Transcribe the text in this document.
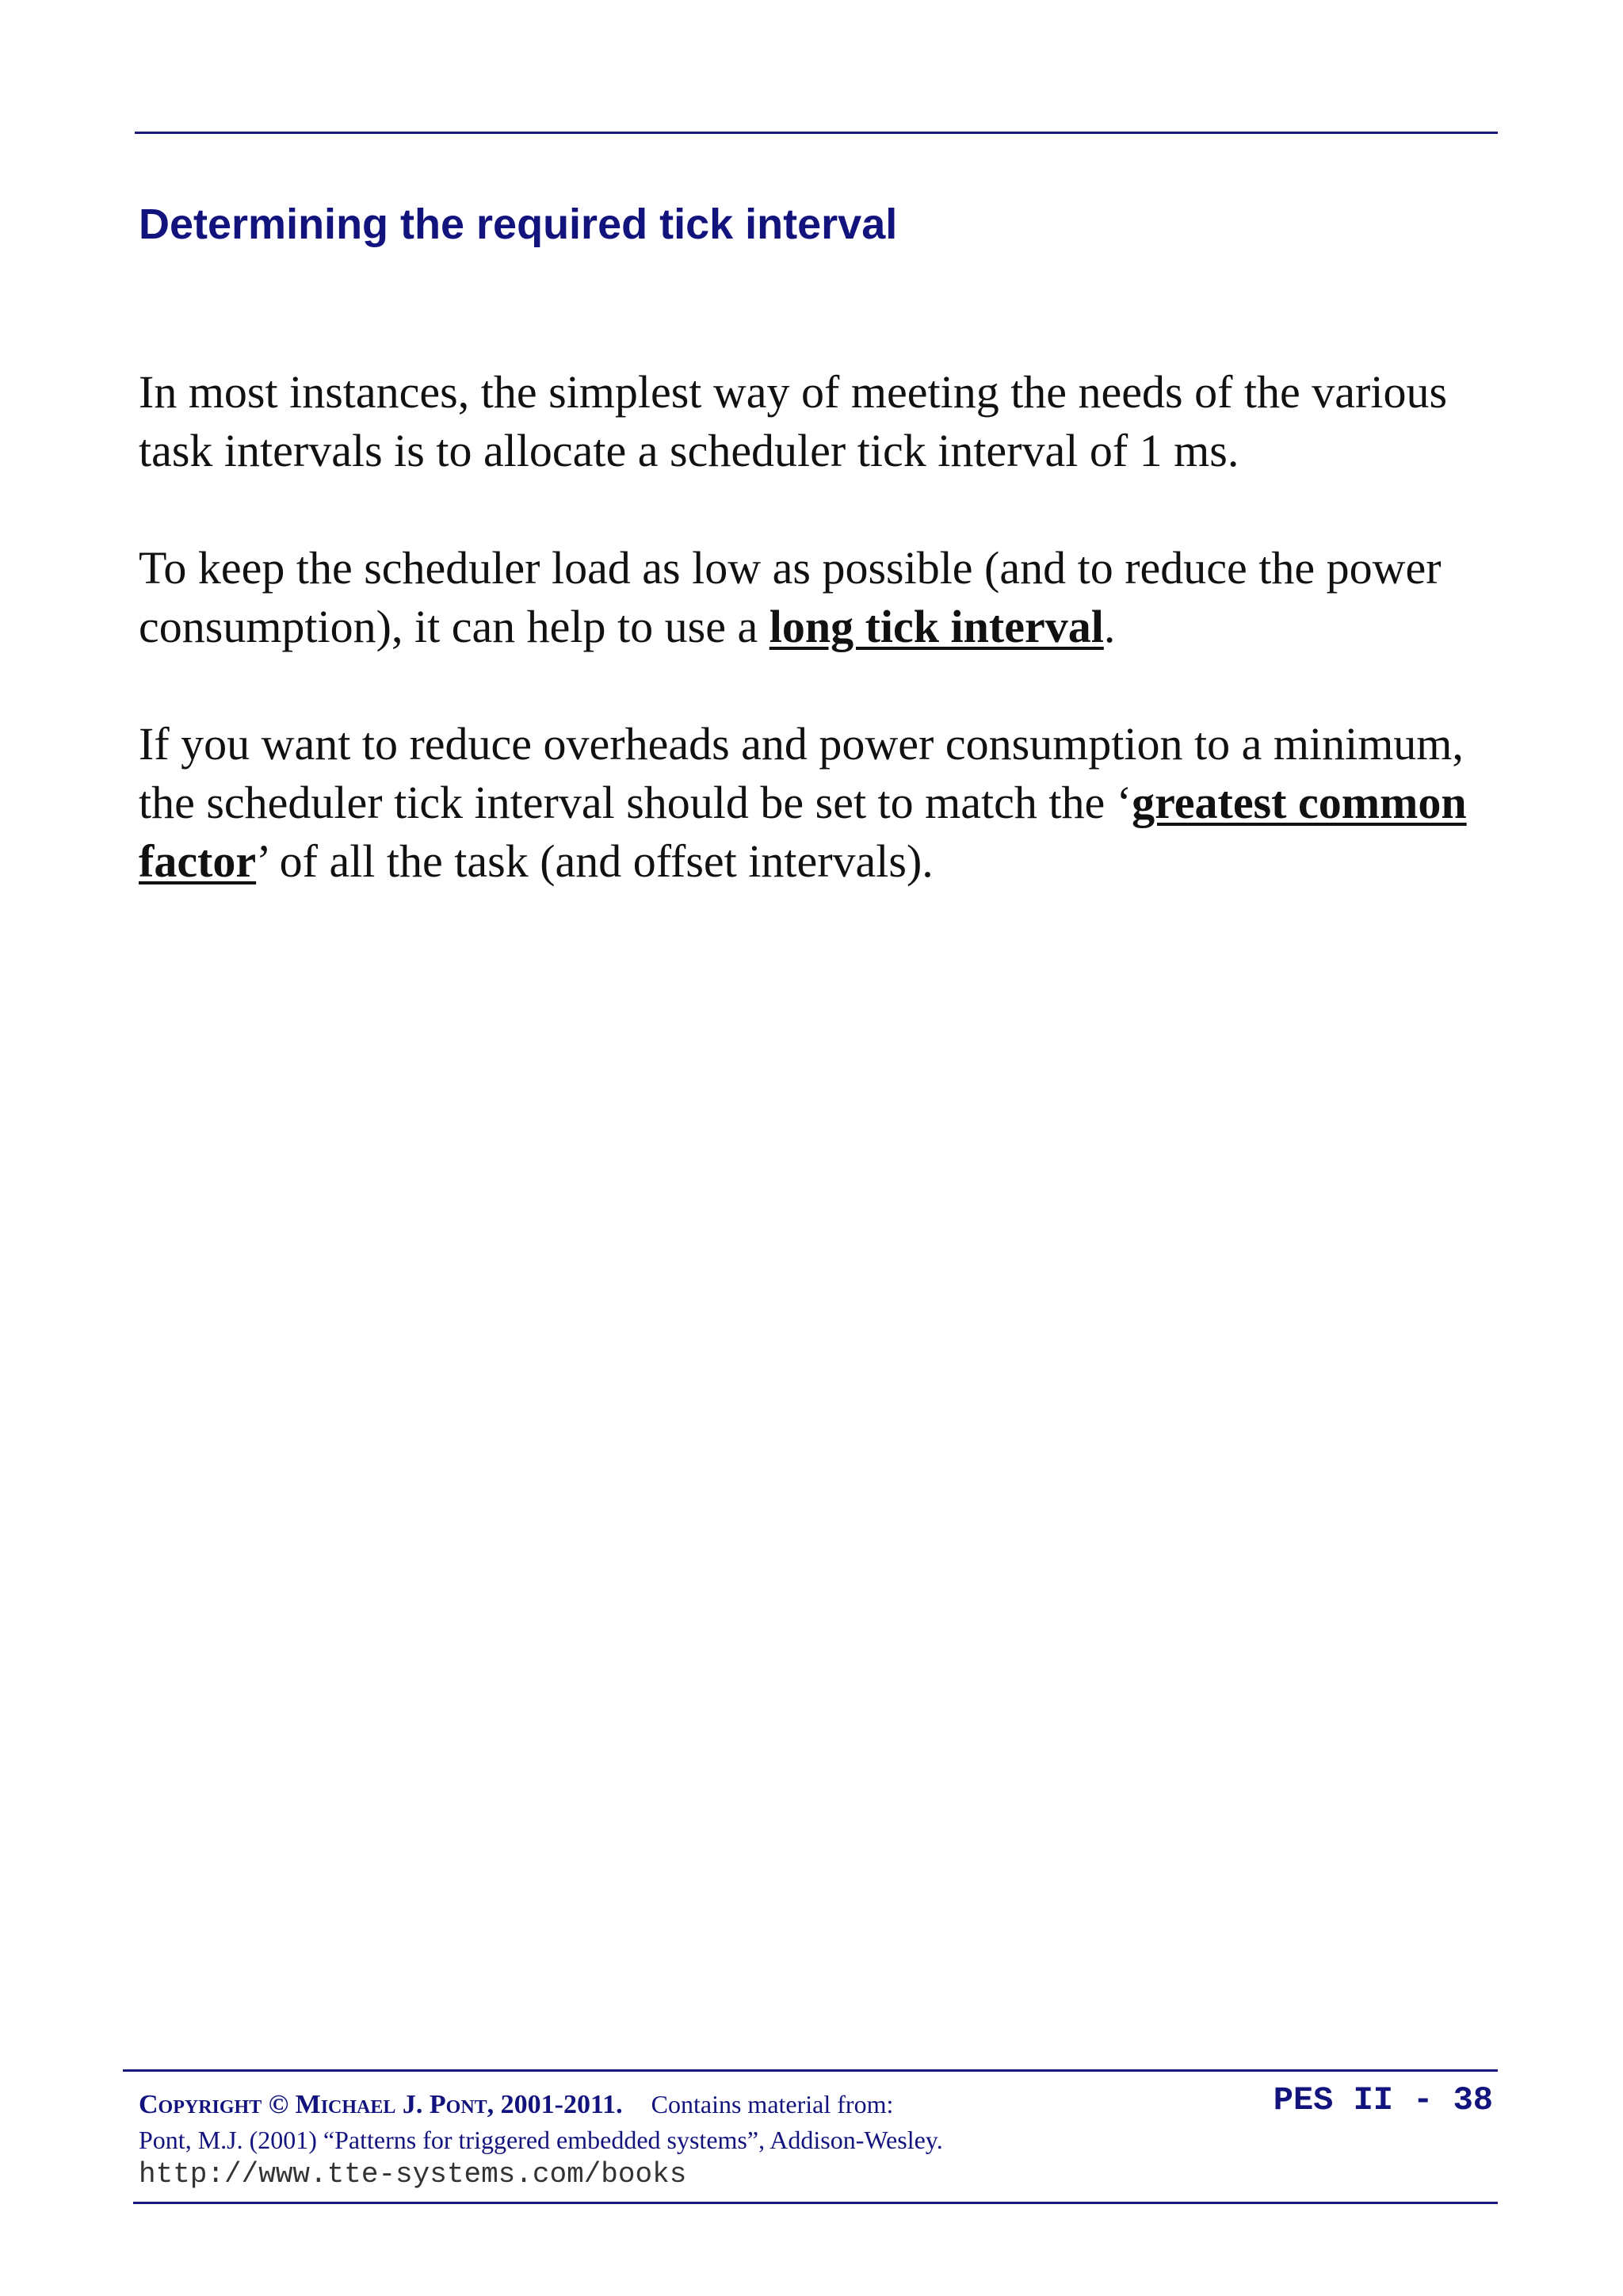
Determining the required tick interval

In most instances, the simplest way of meeting the needs of the various task intervals is to allocate a scheduler tick interval of 1 ms.

To keep the scheduler load as low as possible (and to reduce the power consumption), it can help to use a long tick interval.

If you want to reduce overheads and power consumption to a minimum, the scheduler tick interval should be set to match the ‘greatest common factor’ of all the task (and offset intervals).

Copyright © Michael J. Pont, 2001-2011. Contains material from:
Pont, M.J. (2001) “Patterns for triggered embedded systems”, Addison-Wesley.
http://www.tte-systems.com/books
PES II - 38
